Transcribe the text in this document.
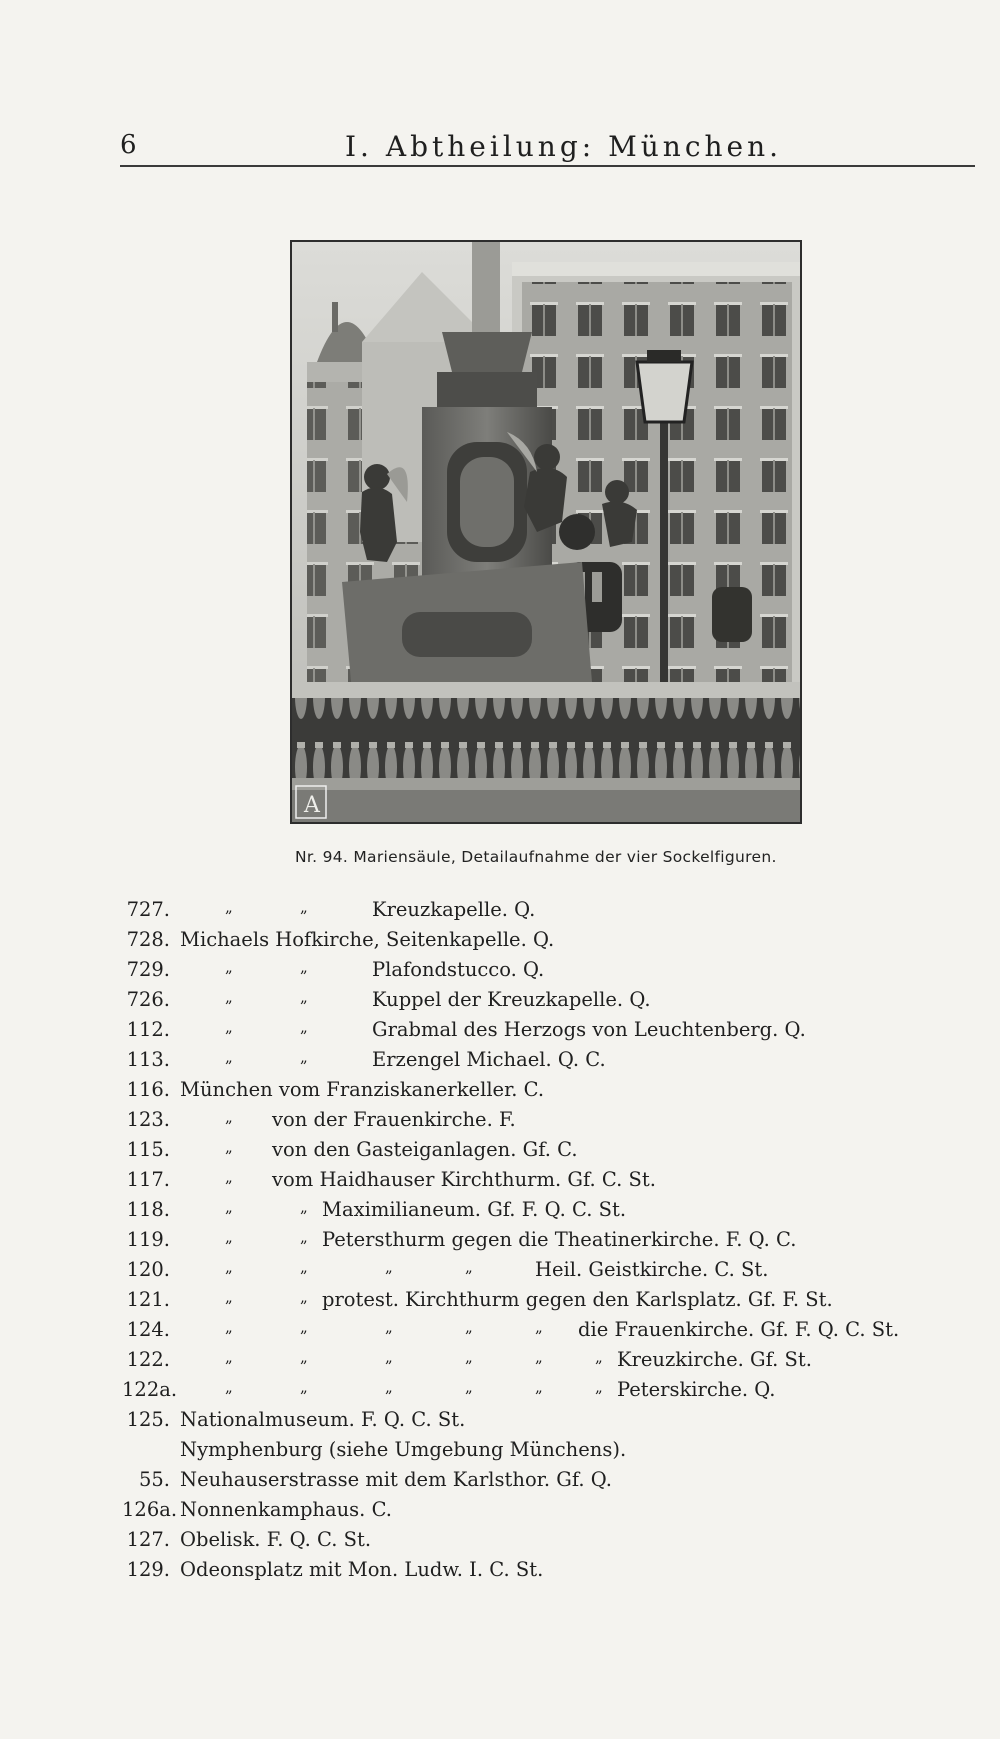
6	I. Abtheilung: München.
A
Nr. 94. Mariensäule, Detailaufnahme der vier Sockelfiguren.
727.	„	„	Kreuzkapelle. Q.
728. Michaels Hofkirche, Seitenkapelle. Q.
729.	„	„	Plafondstucco. Q.
726.	„	„	Kuppel der Kreuzkapelle. Q.
112.	„	„	Grabmal des Herzogs von Leuchtenberg. Q.
113.	„	„	Erzengel Michael. Q. C.
116. München vom Franziskanerkeller. C.
123.	„ von der Frauenkirche. F.
115.	„ von den Gasteiganlagen. Gf. C.
117.	„ vom Haidhauser Kirchthurm. Gf. C. St.
118.	„	„ Maximilianeum. Gf. F. Q. C. St.
119.	„	„ Petersthurm gegen die Theatinerkirche. F. Q. C.
120.	„	„	„	„	Heil. Geistkirche. C. St.
121.	„	„ protest. Kirchthurm gegen den Karlsplatz. Gf. F. St.
124.	„	„	„	„	„ die Frauenkirche. Gf. F. Q. C. St.
122.	„	„	„	„	„	„ Kreuzkirche. Gf. St.
122a.	„	„	„	„	„	„ Peterskirche. Q.
125. Nationalmuseum. F. Q. C. St.
Nymphenburg (siehe Umgebung Münchens).
55. Neuhauserstrasse mit dem Karlsthor. Gf. Q.
126a. Nonnenkamphaus. C.
127. Obelisk. F. Q. C. St.
129. Odeonsplatz mit Mon. Ludw. I. C. St.
